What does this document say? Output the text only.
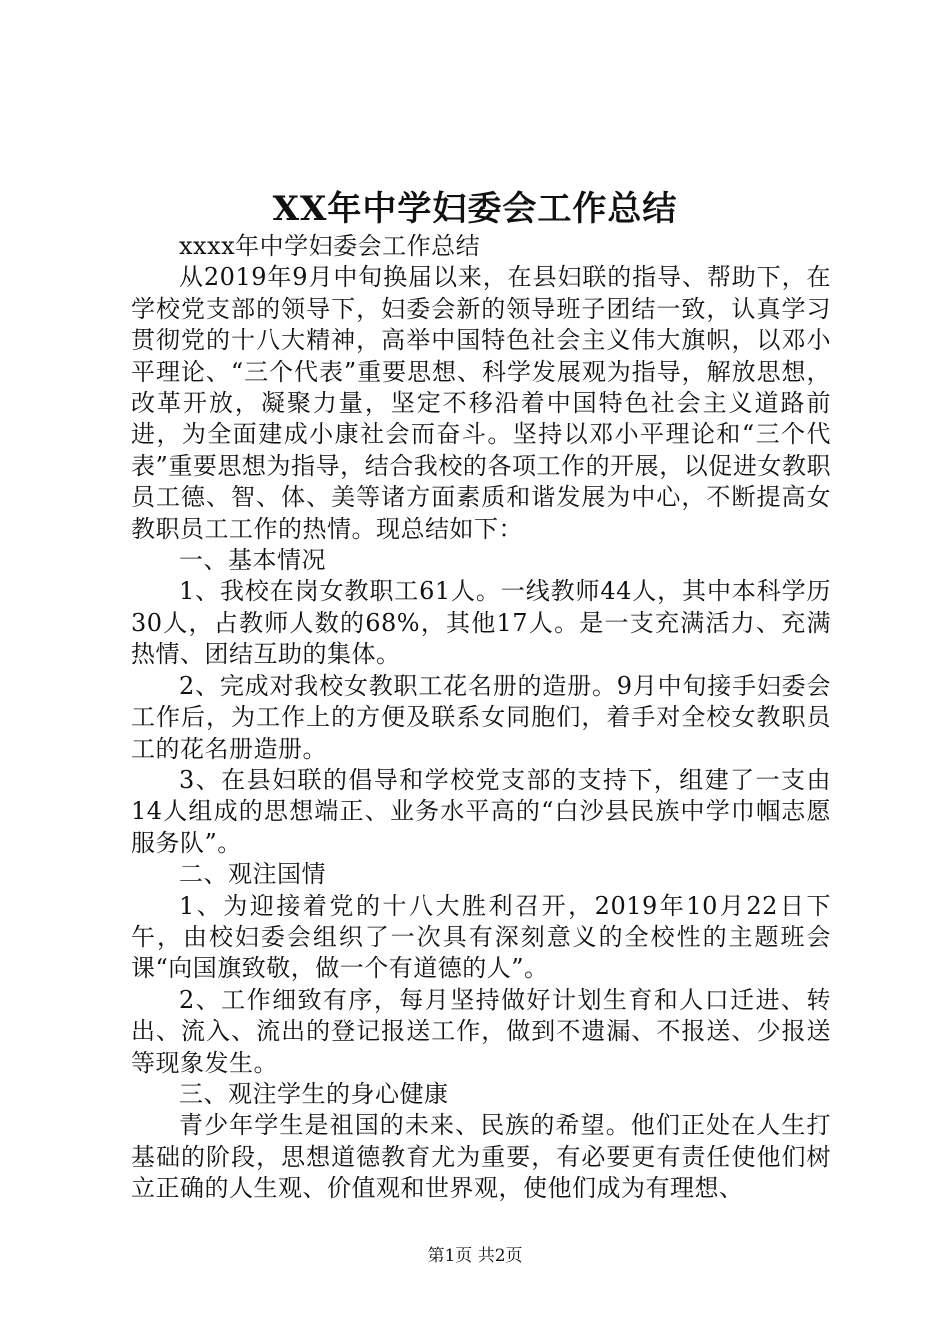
XX年中学妇委会工作总结

xxxx年中学妇委会工作总结

从2019年9月中旬换届以来，在县妇联的指导、帮助下，在学校党支部的领导下，妇委会新的领导班子团结一致，认真学习贯彻党的十八大精神，高举中国特色社会主义伟大旗帜，以邓小平理论、“三个代表”重要思想、科学发展观为指导，解放思想，改革开放，凝聚力量，坚定不移沿着中国特色社会主义道路前进，为全面建成小康社会而奋斗。坚持以邓小平理论和“三个代表”重要思想为指导，结合我校的各项工作的开展，以促进女教职员工德、智、体、美等诸方面素质和谐发展为中心，不断提高女教职员工工作的热情。现总结如下：

一、基本情况

1、我校在岗女教职工61人。一线教师44人，其中本科学历30人，占教师人数的68%，其他17人。是一支充满活力、充满热情、团结互助的集体。

2、完成对我校女教职工花名册的造册。9月中旬接手妇委会工作后，为工作上的方便及联系女同胞们，着手对全校女教职员工的花名册造册。

3、在县妇联的倡导和学校党支部的支持下，组建了一支由14人组成的思想端正、业务水平高的“白沙县民族中学巾帼志愿服务队”。

二、观注国情

1、为迎接着党的十八大胜利召开，2019年10月22日下午，由校妇委会组织了一次具有深刻意义的全校性的主题班会课“向国旗致敬，做一个有道德的人”。

2、工作细致有序，每月坚持做好计划生育和人口迁进、转出、流入、流出的登记报送工作，做到不遗漏、不报送、少报送等现象发生。

三、观注学生的身心健康

青少年学生是祖国的未来、民族的希望。他们正处在人生打基础的阶段，思想道德教育尤为重要，有必要更有责任使他们树立正确的人生观、价值观和世界观，使他们成为有理想、

第1页 共2页
